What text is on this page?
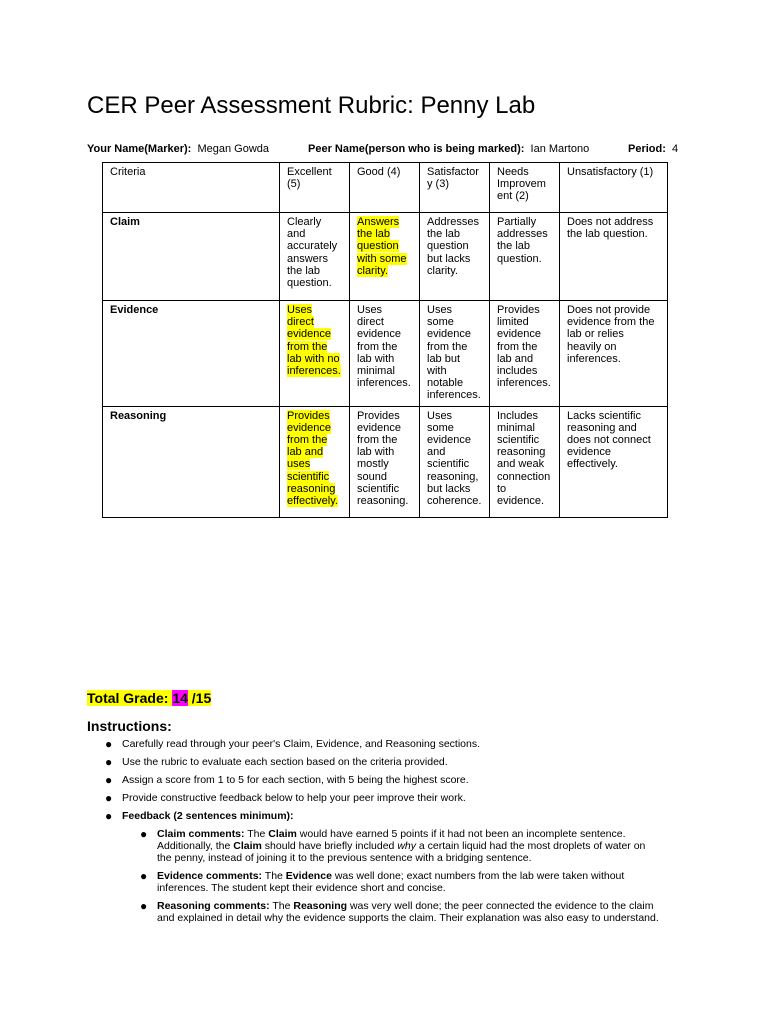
CER Peer Assessment Rubric: Penny Lab
Your Name(Marker): Megan Gowda	Peer Name(person who is being marked): Ian Martono	Period: 4
Criteria	Excellent (5)	Good (4)	Satisfactory (3)	Needs Improvement (2)	Unsatisfactory (1)
Claim	Clearly and accurately answers the lab question.	Answers the lab question with some clarity.	Addresses the lab question but lacks clarity.	Partially addresses the lab question.	Does not address the lab question.
Evidence	Uses direct evidence from the lab with no inferences.	Uses direct evidence from the lab with minimal inferences.	Uses some evidence from the lab but with notable inferences.	Provides limited evidence from the lab and includes inferences.	Does not provide evidence from the lab or relies heavily on inferences.
Reasoning	Provides evidence from the lab and uses scientific reasoning effectively.	Provides evidence from the lab with mostly sound scientific reasoning.	Uses some evidence and scientific reasoning, but lacks coherence.	Includes minimal scientific reasoning and weak connection to evidence.	Lacks scientific reasoning and does not connect evidence effectively.
Total Grade: 14 /15
Instructions:
● Carefully read through your peer's Claim, Evidence, and Reasoning sections.
● Use the rubric to evaluate each section based on the criteria provided.
● Assign a score from 1 to 5 for each section, with 5 being the highest score.
● Provide constructive feedback below to help your peer improve their work.
● Feedback (2 sentences minimum):
● Claim comments: The Claim would have earned 5 points if it had not been an incomplete sentence. Additionally, the Claim should have briefly included why a certain liquid had the most droplets of water on the penny, instead of joining it to the previous sentence with a bridging sentence.
● Evidence comments: The Evidence was well done; exact numbers from the lab were taken without inferences. The student kept their evidence short and concise.
● Reasoning comments: The Reasoning was very well done; the peer connected the evidence to the claim and explained in detail why the evidence supports the claim. Their explanation was also easy to understand.
